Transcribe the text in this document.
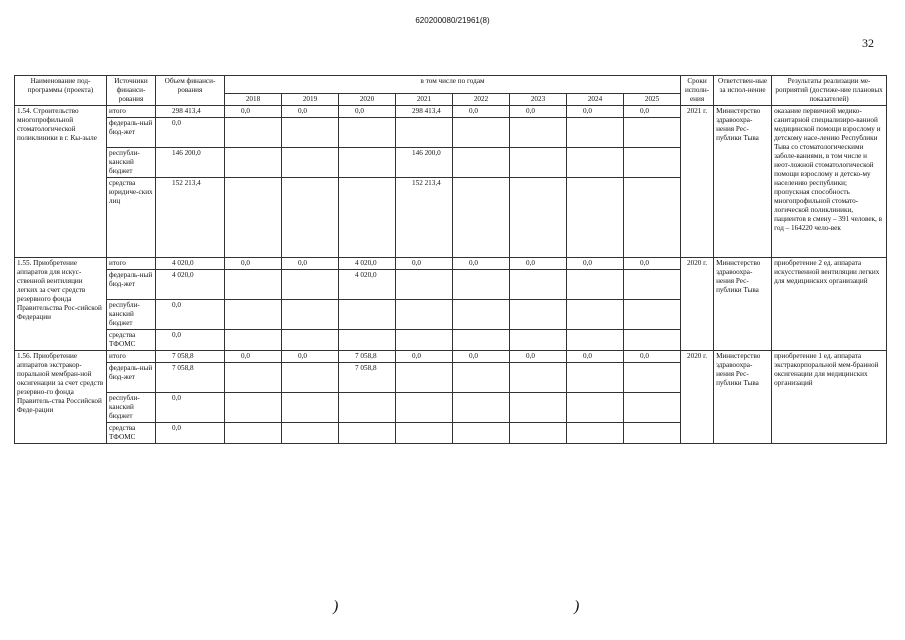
620200080/21961(8)
32
)	)
Наименование под-программы (проекта)	Источники финанси-рования	Объем финанси-рования	в том числе по годам								Сроки исполн-ения	Ответствен-ные за испол-нение	Результаты реализации ме-роприятий (достиже-ние плановых показателей)
			2018	2019	2020	2021	2022	2023	2024	2025			
1.54. Строительство многопрофильной стоматологической поликлиники в г. Кы-зыле	итого	298 413,4	0,0	0,0	0,0	298 413,4	0,0	0,0	0,0	0,0	2021 г.	Министерство здравоохра-нения Рес-публики Тыва	оказание первичной медико-санитарной специализиро-ванной медицинской помощи взрослому и детскому насе-лению Республики Тыва со стоматологическими заболе-ваниями, в том числе и неот-ложной стоматологической помощи взрослому и детско-му населению республики; пропускная способность многопрофильной стомато-логической поликлиники, пациентов в смену – 391 человек, в год – 164220 чело-век
	федераль-ный бюд-жет	0,0											
	республи-канский бюджет	146 200,0				146 200,0							
	средства юридиче-ских лиц	152 213,4				152 213,4							
1.55. Приобретение аппаратов для искус-ственной вентиляции легких за счет средств резервного фонда Правительства Рос-сийской Федерации	итого	4 020,0	0,0	0,0	4 020,0	0,0	0,0	0,0	0,0	0,0	2020 г.	Министерство здравоохра-нения Рес-публики Тыва	приобретение 2 ед. аппарата искусственной вентиляции легких для медицинских организаций
	федераль-ный бюд-жет	4 020,0			4 020,0								
	республи-канский бюджет	0,0											
	средства ТФОМС	0,0											
1.56. Приобретение аппаратов экстракор-поральной мембран-ной оксигенации за счет средств резервно-го фонда Правитель-ства Российской Феде-рации	итого	7 058,8	0,0	0,0	7 058,8	0,0	0,0	0,0	0,0	0,0	2020 г.	Министерство здравоохра-нения Рес-публики Тыва	приобретение 1 ед. аппарата экстракорпоральной мем-бранной оксигенации для медицинских организаций
	федераль-ный бюд-жет	7 058,8			7 058,8								
	республи-канский бюджет	0,0											
	средства ТФОМС	0,0											
